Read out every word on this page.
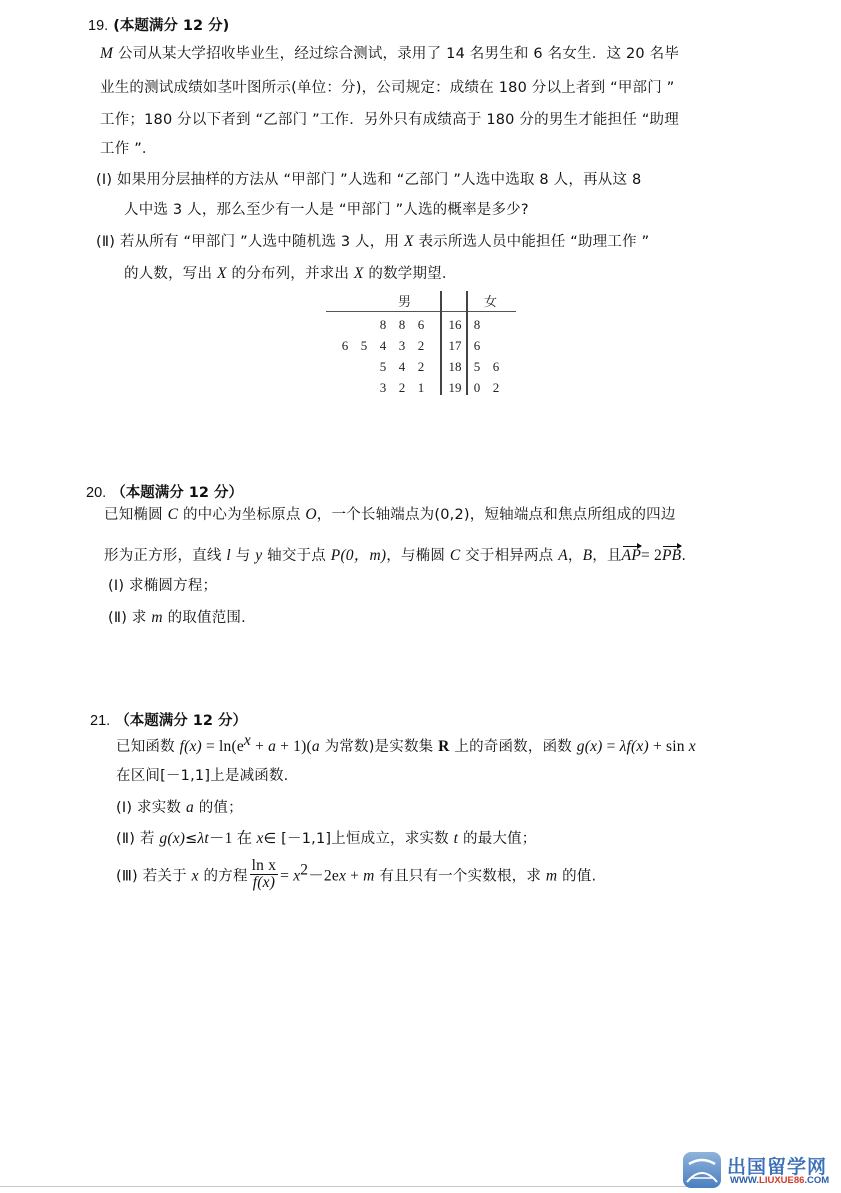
19. (本题满分 12 分)
M 公司从某大学招收毕业生，经过综合测试，录用了 14 名男生和 6 名女生．这 20 名毕
业生的测试成绩如茎叶图所示(单位：分)，公司规定：成绩在 180 分以上者到 “甲部门 ”
工作；180 分以下者到 “乙部门 ”工作．另外只有成绩高于 180 分的男生才能担任 “助理
工作 ”．
(Ⅰ) 如果用分层抽样的方法从 “甲部门 ”人选和 “乙部门 ”人选中选取 8 人，再从这 8
人中选 3 人，那么至少有一人是 “甲部门 ”人选的概率是多少?
(Ⅱ) 若从所有 “甲部门 ”人选中随机选 3 人，用 X 表示所选人员中能担任 “助理工作 ”
的人数，写出 X 的分布列，并求出 X 的数学期望．
男	女
8 8 6 16 8
6 5 4 3 2 17 6
5 4 2 18 5 6
3 2 1 19 0 2
20. （本题满分 12 分）
已知椭圆 C 的中心为坐标原点 O，一个长轴端点为(0,2)，短轴端点和焦点所组成的四边
形为正方形，直线 l 与 y 轴交于点 P(0，m)，与椭圆 C 交于相异两点 A，B，且AP= 2PB.
(Ⅰ) 求椭圆方程；
(Ⅱ) 求 m 的取值范围.
21. （本题满分 12 分）
已知函数 $f(x) = \ln(e^x + a + 1)(a$ 为常数)是实数集 R 上的奇函数，函数 g(x) = λf(x) + sin x
在区间[－1,1]上是减函数.
(Ⅰ) 求实数 a 的值；
(Ⅱ) 若 g(x)≤λt－1 在 x∈ [－1,1]上恒成立，求实数 t 的最大值；
(Ⅲ) 若关于 x 的方程 $\frac{\text{ln x}}{f(x)} = x^2-2ex + m$ 有且只有一个实数根，求 m 的值.
出国留学网
WWW.LIUXUE86.COM
